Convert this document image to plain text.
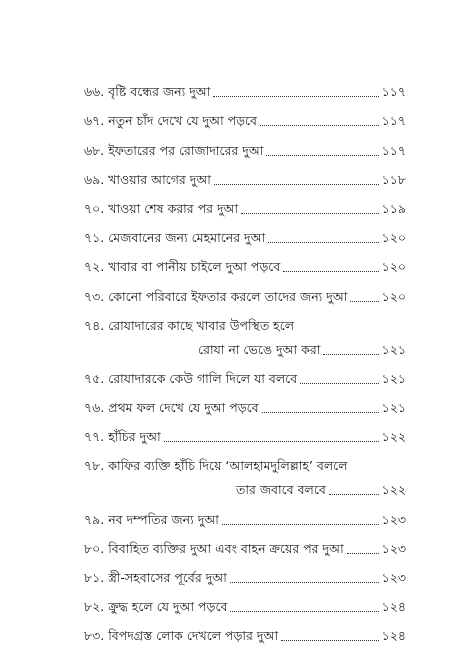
৬৬. বৃষ্টি বন্ধের জন্য দুআ	১১৭
৬৭. নতুন চাঁদ দেখে যে দুআ পড়বে	১১৭
৬৮. ইফতারের পর রোজাদারের দুআ	১১৭
৬৯. খাওয়ার আগের দুআ	১১৮
৭০. খাওয়া শেষ করার পর দুআ	১১৯
৭১. মেজবানের জন্য মেহমানের দুআ	১২০
৭২. খাবার বা পানীয় চাইলে দুআ পড়বে	১২০
৭৩. কোনো পরিবারে ইফতার করলে তাদের জন্য দুআ	১২০
৭৪. রোযাদারের কাছে খাবার উপস্থিত হলে
রোযা না ভেঙে দুআ করা	১২১
৭৫. রোযাদারকে কেউ গালি দিলে যা বলবে	১২১
৭৬. প্রথম ফল দেখে যে দুআ পড়বে	১২১
৭৭. হাঁচির দুআ	১২২
৭৮. কাফির ব্যক্তি হাঁচি দিয়ে ‘আলহামদুলিল্লাহ’ বললে
তার জবাবে বলবে	১২২
৭৯. নব দম্পতির জন্য দুআ	১২৩
৮০. বিবাহিত ব্যক্তির দুআ এবং বাহন ক্রয়ের পর দুআ	১২৩
৮১. স্ত্রী-সহবাসের পূর্বের দুআ	১২৩
৮২. ক্রুদ্ধ হলে যে দুআ পড়বে	১২৪
৮৩. বিপদগ্রস্ত লোক দেখলে পড়ার দুআ	১২৪
